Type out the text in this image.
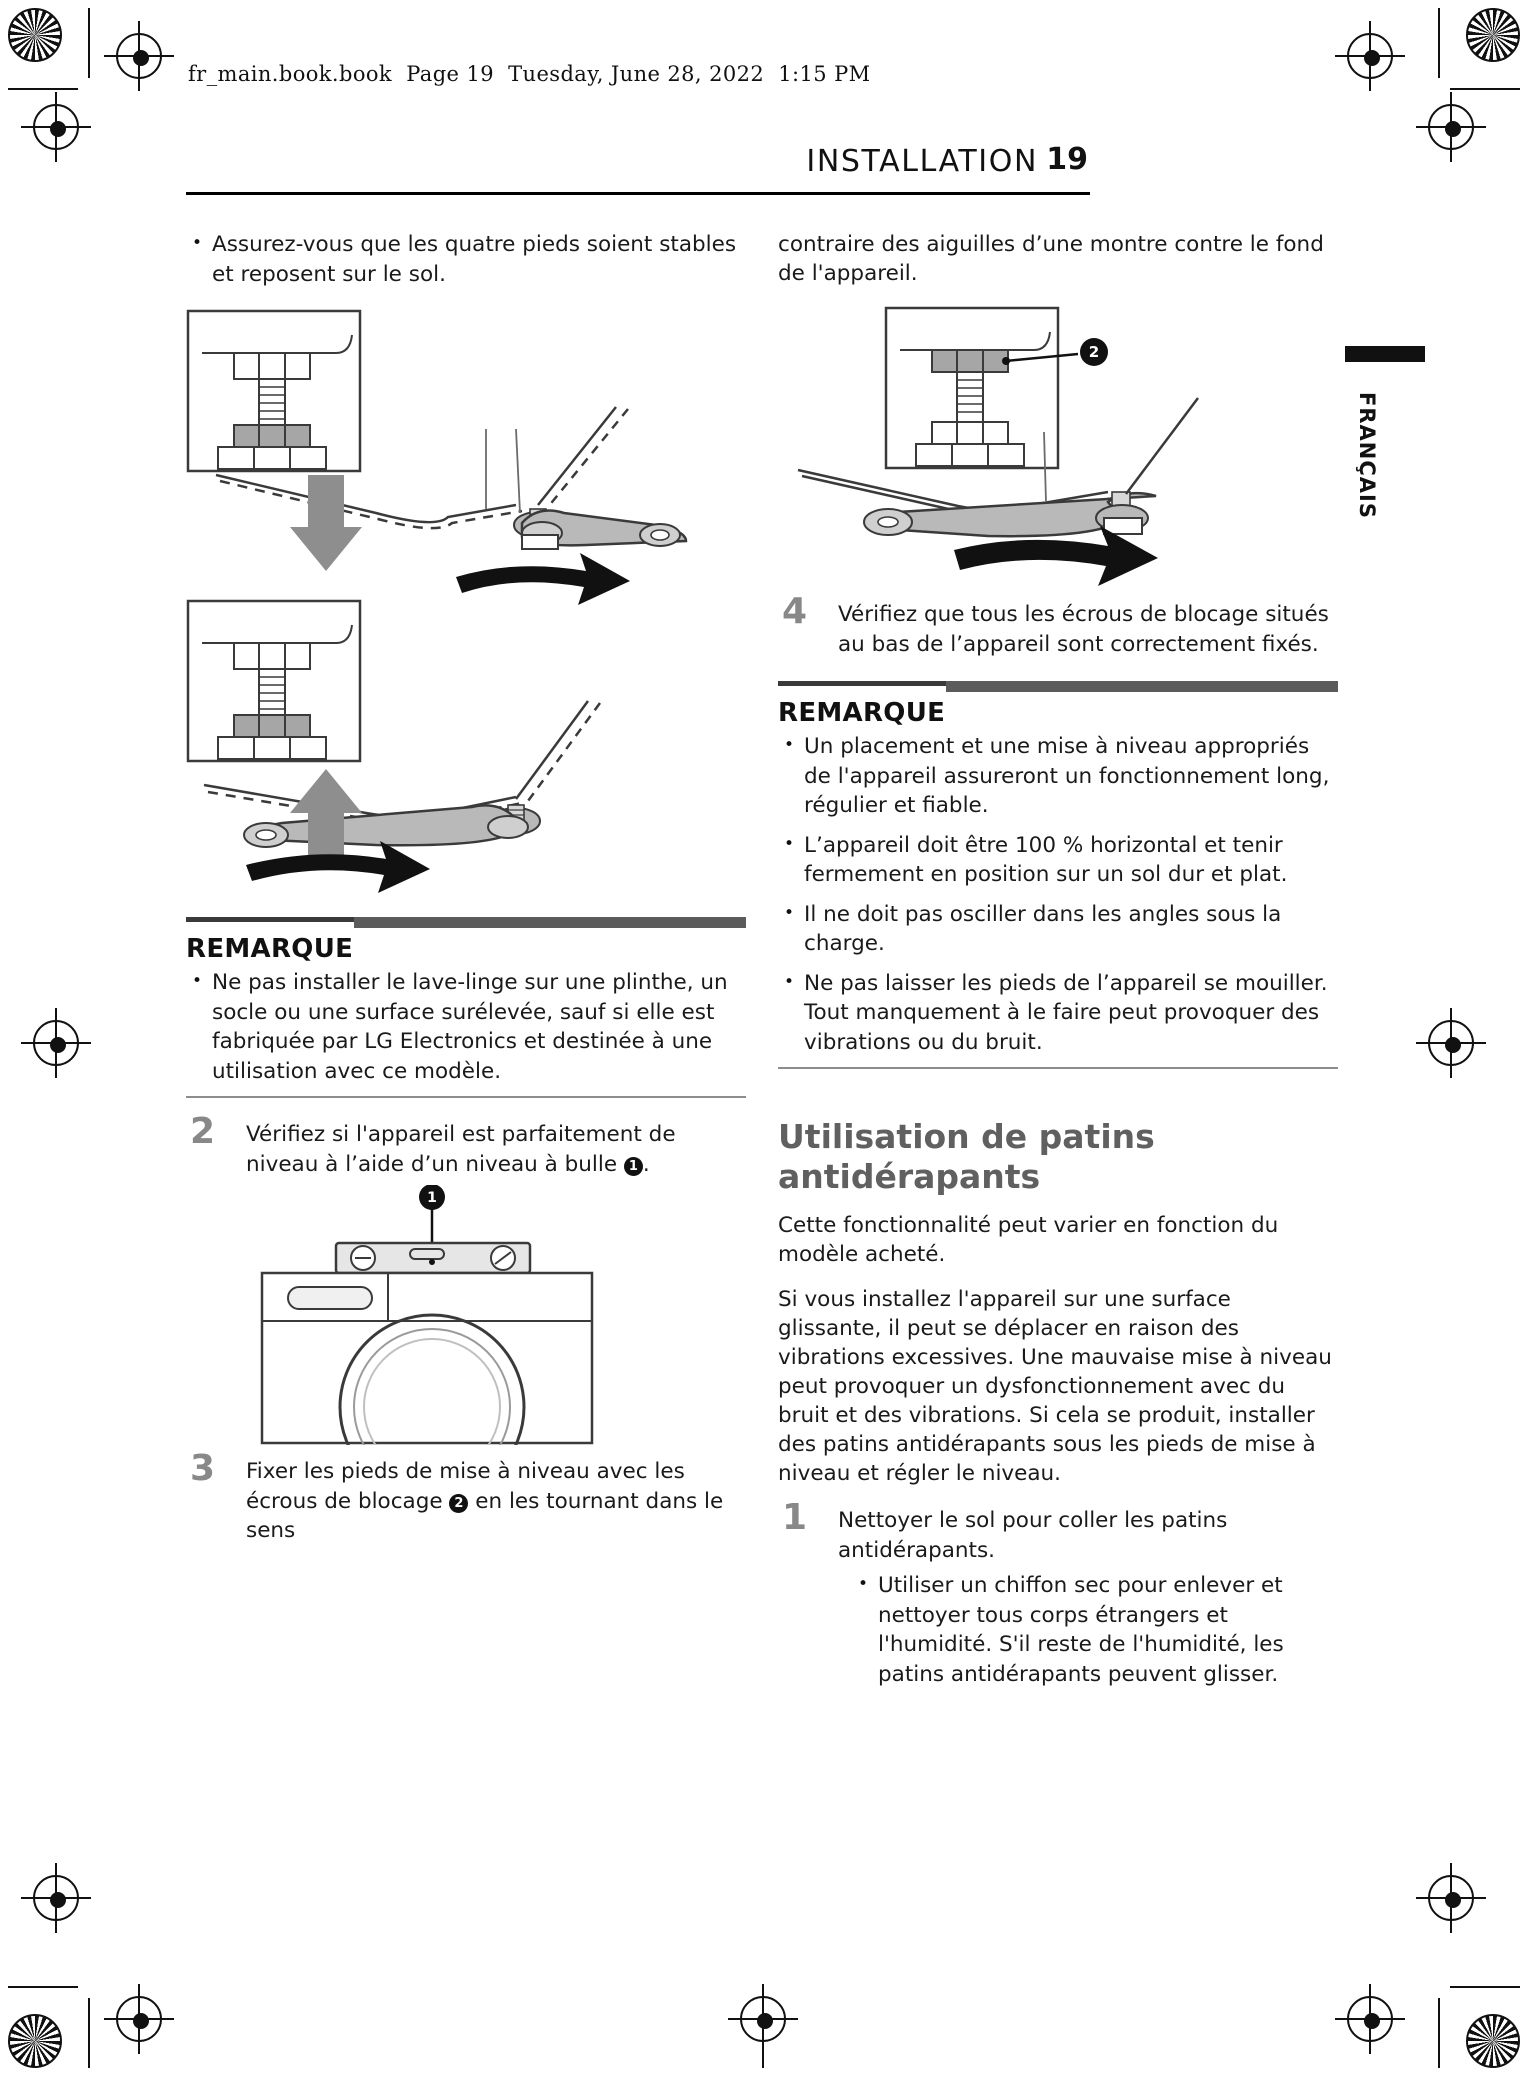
fr_main.book.book  Page 19  Tuesday, June 28, 2022  1:15 PM
INSTALLATION 19
FRANÇAIS
• Assurez-vous que les quatre pieds soient stables et reposent sur le sol.
REMARQUE
• Ne pas installer le lave-linge sur une plinthe, un socle ou une surface surélevée, sauf si elle est fabriquée par LG Electronics et destinée à une utilisation avec ce modèle.
2 Vérifiez si l'appareil est parfaitement de niveau à l’aide d’un niveau à bulle 1 .
1
3 Fixer les pieds de mise à niveau avec les écrous de blocage 2 en les tournant dans le sens
contraire des aiguilles d’une montre contre le fond de l'appareil.
2
4 Vérifiez que tous les écrous de blocage situés au bas de l’appareil sont correctement fixés.
REMARQUE
• Un placement et une mise à niveau appropriés de l'appareil assureront un fonctionnement long, régulier et fiable.
• L’appareil doit être 100 % horizontal et tenir fermement en position sur un sol dur et plat.
• Il ne doit pas osciller dans les angles sous la charge.
• Ne pas laisser les pieds de l’appareil se mouiller. Tout manquement à le faire peut provoquer des vibrations ou du bruit.
Utilisation de patins antidérapants

Cette fonctionnalité peut varier en fonction du modèle acheté.

Si vous installez l'appareil sur une surface glissante, il peut se déplacer en raison des vibrations excessives. Une mauvaise mise à niveau peut provoquer un dysfonctionnement avec du bruit et des vibrations. Si cela se produit, installer des patins antidérapants sous les pieds de mise à niveau et régler le niveau.

1 Nettoyer le sol pour coller les patins antidérapants.
• Utiliser un chiffon sec pour enlever et nettoyer tous corps étrangers et l'humidité. S'il reste de l'humidité, les patins antidérapants peuvent glisser.
